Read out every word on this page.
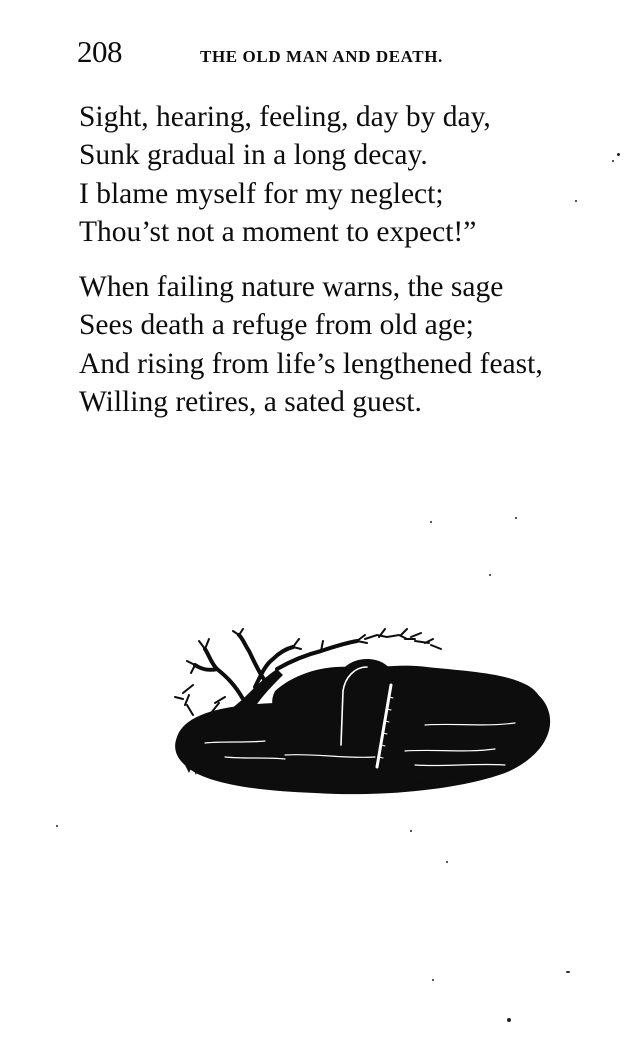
208	THE OLD MAN AND DEATH.
Sight, hearing, feeling, day by day,
Sunk gradual in a long decay.
I blame myself for my neglect;
Thou’st not a moment to expect!”
When failing nature warns, the sage
Sees death a refuge from old age;
And rising from life’s lengthened feast,
Willing retires, a sated guest.
